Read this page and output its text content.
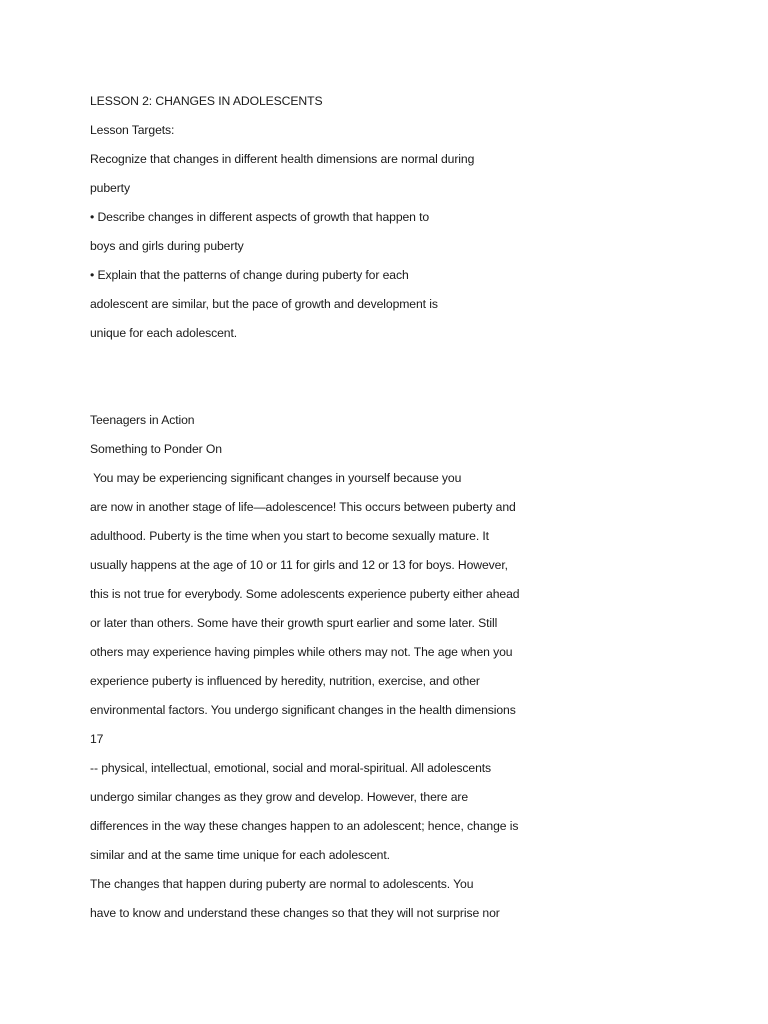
LESSON 2: CHANGES IN ADOLESCENTS
Lesson Targets:
Recognize that changes in different health dimensions are normal during
puberty
• Describe changes in different aspects of growth that happen to
boys and girls during puberty
• Explain that the patterns of change during puberty for each
adolescent are similar, but the pace of growth and development is
unique for each adolescent.
Teenagers in Action
Something to Ponder On
You may be experiencing significant changes in yourself because you
are now in another stage of life—adolescence! This occurs between puberty and
adulthood. Puberty is the time when you start to become sexually mature. It
usually happens at the age of 10 or 11 for girls and 12 or 13 for boys. However,
this is not true for everybody. Some adolescents experience puberty either ahead
or later than others. Some have their growth spurt earlier and some later. Still
others may experience having pimples while others may not. The age when you
experience puberty is influenced by heredity, nutrition, exercise, and other
environmental factors. You undergo significant changes in the health dimensions
17
-- physical, intellectual, emotional, social and moral-spiritual. All adolescents
undergo similar changes as they grow and develop. However, there are
differences in the way these changes happen to an adolescent; hence, change is
similar and at the same time unique for each adolescent.
The changes that happen during puberty are normal to adolescents. You
have to know and understand these changes so that they will not surprise nor
